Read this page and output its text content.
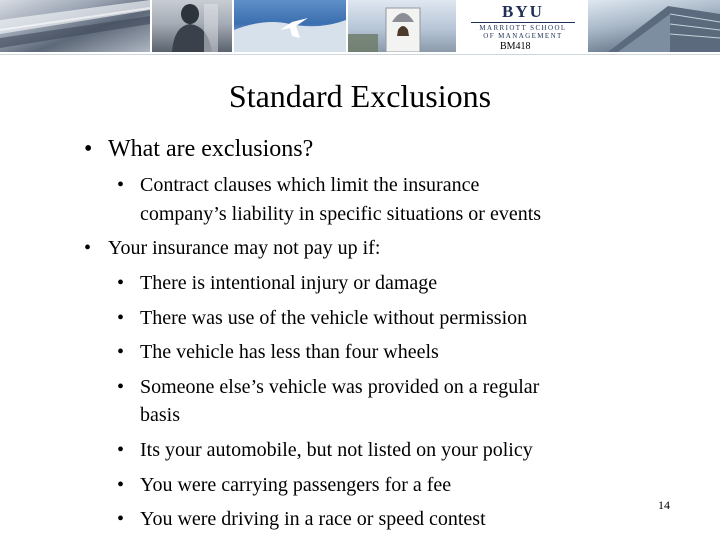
BYU
MARRIOTT SCHOOL
OF MANAGEMENT
BM418
Standard Exclusions
• What are exclusions?
• Contract clauses which limit the insurance
company’s liability in specific situations or events
• Your insurance may not pay up if:
• There is intentional injury or damage
• There was use of the vehicle without permission
• The vehicle has less than four wheels
• Someone else’s vehicle was provided on a regular
basis
• Its your automobile, but not listed on your policy
• You were carrying passengers for a fee
• You were driving in a race or speed contest
14
